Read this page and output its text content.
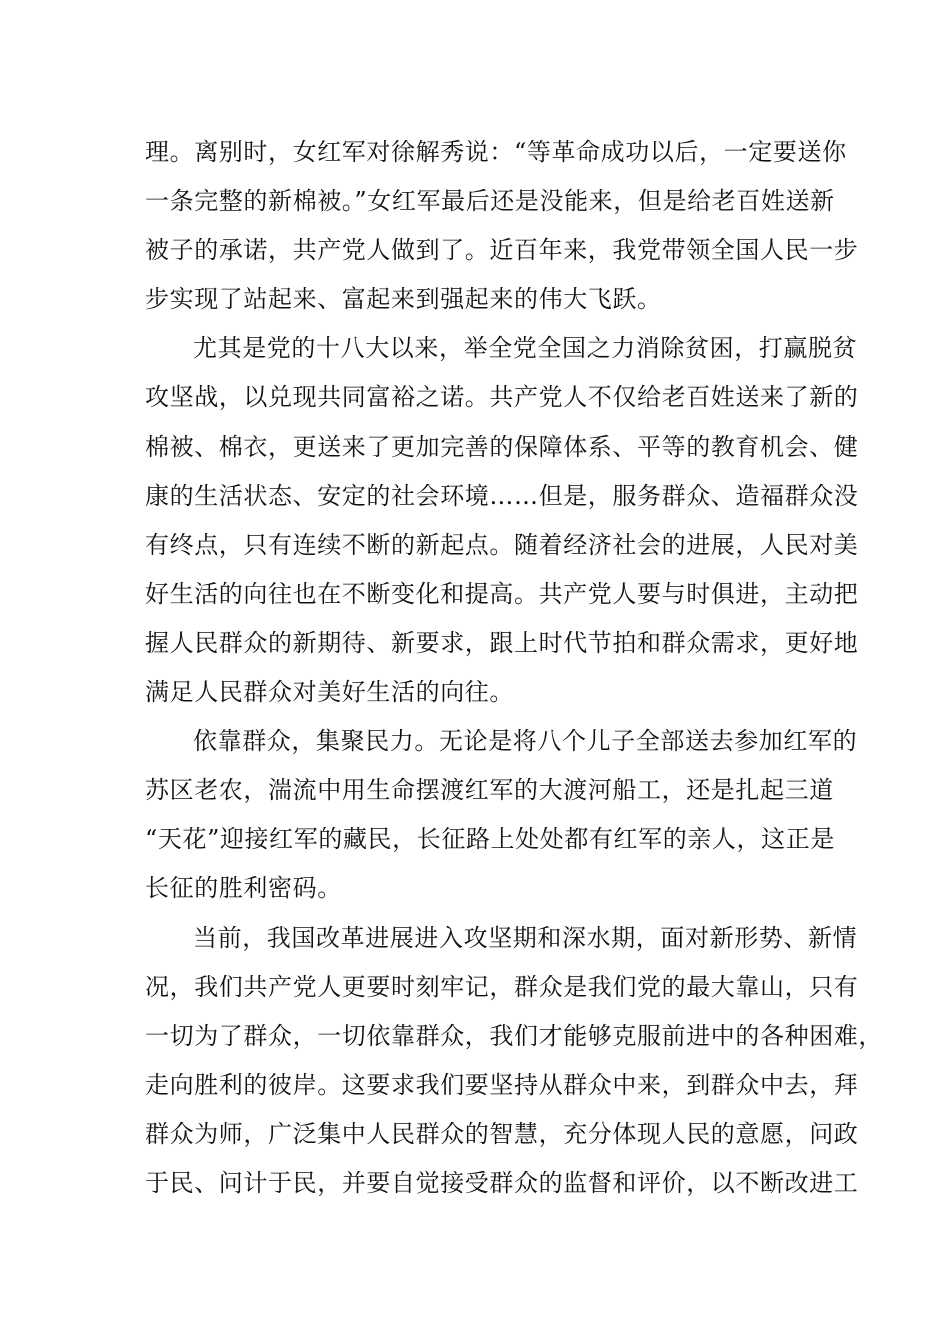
理。离别时，女红军对徐解秀说：“等革命成功以后，一定要送你
一条完整的新棉被。”女红军最后还是没能来，但是给老百姓送新
被子的承诺，共产党人做到了。近百年来，我党带领全国人民一步
步实现了站起来、富起来到强起来的伟大飞跃。
尤其是党的十八大以来，举全党全国之力消除贫困，打赢脱贫
攻坚战，以兑现共同富裕之诺。共产党人不仅给老百姓送来了新的
棉被、棉衣，更送来了更加完善的保障体系、平等的教育机会、健
康的生活状态、安定的社会环境……但是，服务群众、造福群众没
有终点，只有连续不断的新起点。随着经济社会的进展，人民对美
好生活的向往也在不断变化和提高。共产党人要与时俱进，主动把
握人民群众的新期待、新要求，跟上时代节拍和群众需求，更好地
满足人民群众对美好生活的向往。
依靠群众，集聚民力。无论是将八个儿子全部送去参加红军的
苏区老农，湍流中用生命摆渡红军的大渡河船工，还是扎起三道
“天花”迎接红军的藏民，长征路上处处都有红军的亲人，这正是
长征的胜利密码。
当前，我国改革进展进入攻坚期和深水期，面对新形势、新情
况，我们共产党人更要时刻牢记，群众是我们党的最大靠山，只有
一切为了群众，一切依靠群众，我们才能够克服前进中的各种困难，
走向胜利的彼岸。这要求我们要坚持从群众中来，到群众中去，拜
群众为师，广泛集中人民群众的智慧，充分体现人民的意愿，问政
于民、问计于民，并要自觉接受群众的监督和评价，以不断改进工
